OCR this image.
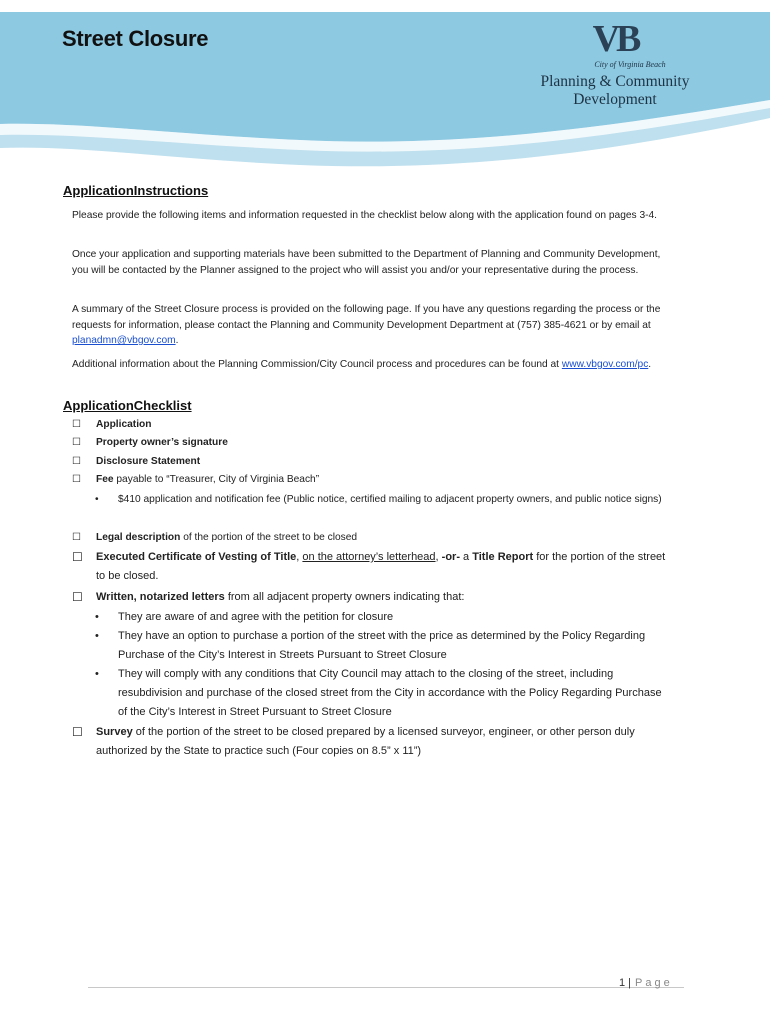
Street Closure	VB
City of Virginia Beach
Planning & Community
Development
ApplicationInstructions

Please provide the following items and information requested in the checklist below along with the application found on pages 3-4.

Once your application and supporting materials have been submitted to the Department of Planning and Community Development, you will be contacted by the Planner assigned to the project who will assist you and/or your representative during the process.

A summary of the Street Closure process is provided on the following page. If you have any questions regarding the process or the requests for information, please contact the Planning and Community Development Department at (757) 385-4621 or by email at planadmn@vbgov.com.

Additional information about the Planning Commission/City Council process and procedures can be found at www.vbgov.com/pc.

ApplicationChecklist
☐ Application
☐ Property owner’s signature
☐ Disclosure Statement
☐ Fee payable to “Treasurer, City of Virginia Beach”
• $410 application and notification fee (Public notice, certified mailing to adjacent property owners, and public notice signs)
☐ Legal description of the portion of the street to be closed
☐ Executed Certificate of Vesting of Title, on the attorney’s letterhead, -or- a Title Report for the portion of the street to be closed.
☐ Written, notarized letters from all adjacent property owners indicating that:
• They are aware of and agree with the petition for closure
• They have an option to purchase a portion of the street with the price as determined by the Policy Regarding Purchase of the City’s Interest in Streets Pursuant to Street Closure
• They will comply with any conditions that City Council may attach to the closing of the street, including resubdivision and purchase of the closed street from the City in accordance with the Policy Regarding Purchase of the City’s Interest in Street Pursuant to Street Closure
☐ Survey of the portion of the street to be closed prepared by a licensed surveyor, engineer, or other person duly authorized by the State to practice such (Four copies on 8.5” x 11”)
1 | Page
